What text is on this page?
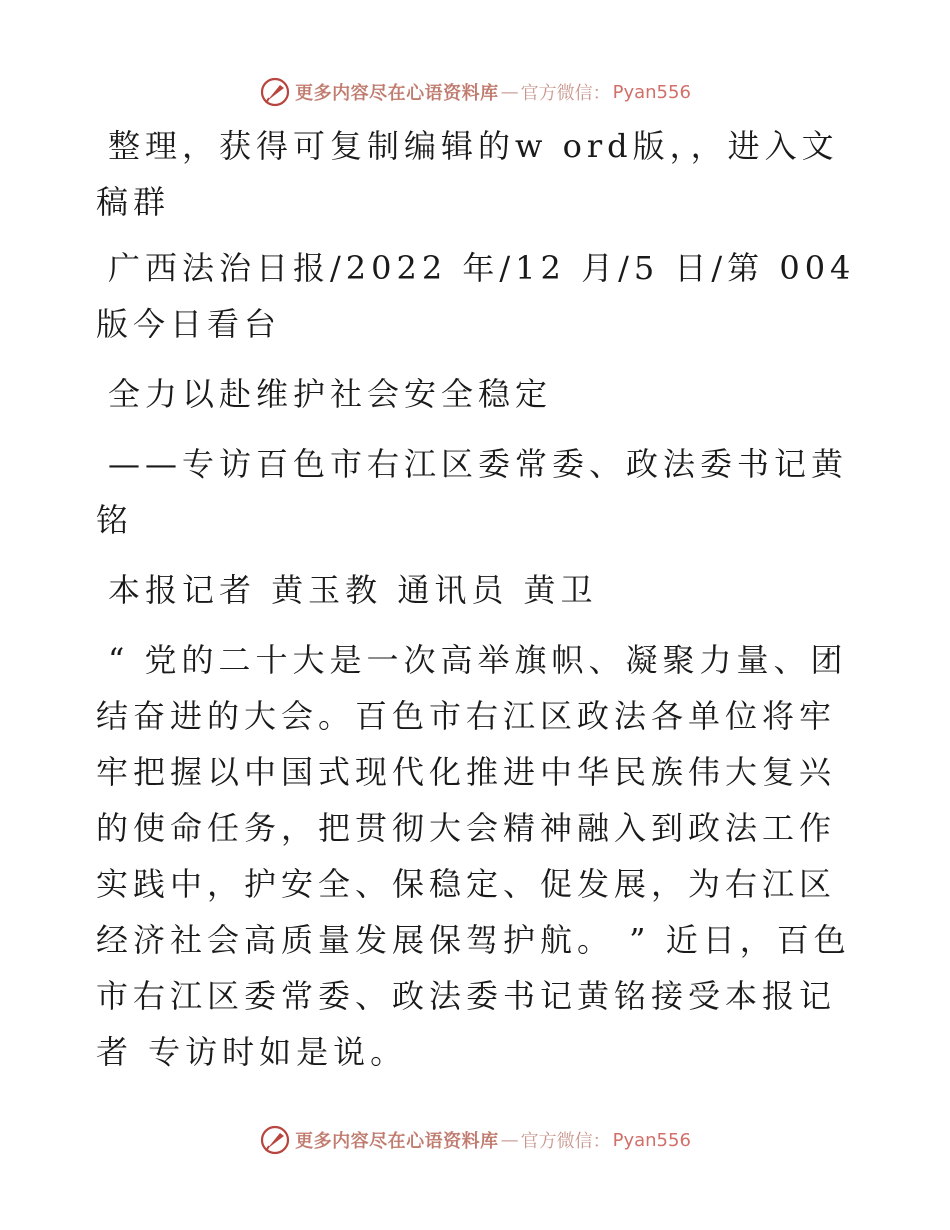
更多内容尽在心语资料库 — 官方微信： Pyan556

整理，获得可复制编辑的w ord版，，进入文稿群

广西法治日报/2022 年/12 月/5 日/第 004 版今日看台

全力以赴维护社会安全稳定

——专访百色市右江区委常委、政法委书记黄铭

本报记者 黄玉教 通讯员 黄卫

“ 党的二十大是一次高举旗帜、凝聚力量、团结奋进的大会。百色市右江区政法各单位将牢牢把握以中国式现代化推进中华民族伟大复兴的使命任务，把贯彻大会精神融入到政法工作实践中，护安全、保稳定、促发展，为右江区经济社会高质量发展保驾护航。 ” 近日，百色市右江区委常委、政法委书记黄铭接受本报记者 专访时如是说。

更多内容尽在心语资料库 — 官方微信： Pyan556
